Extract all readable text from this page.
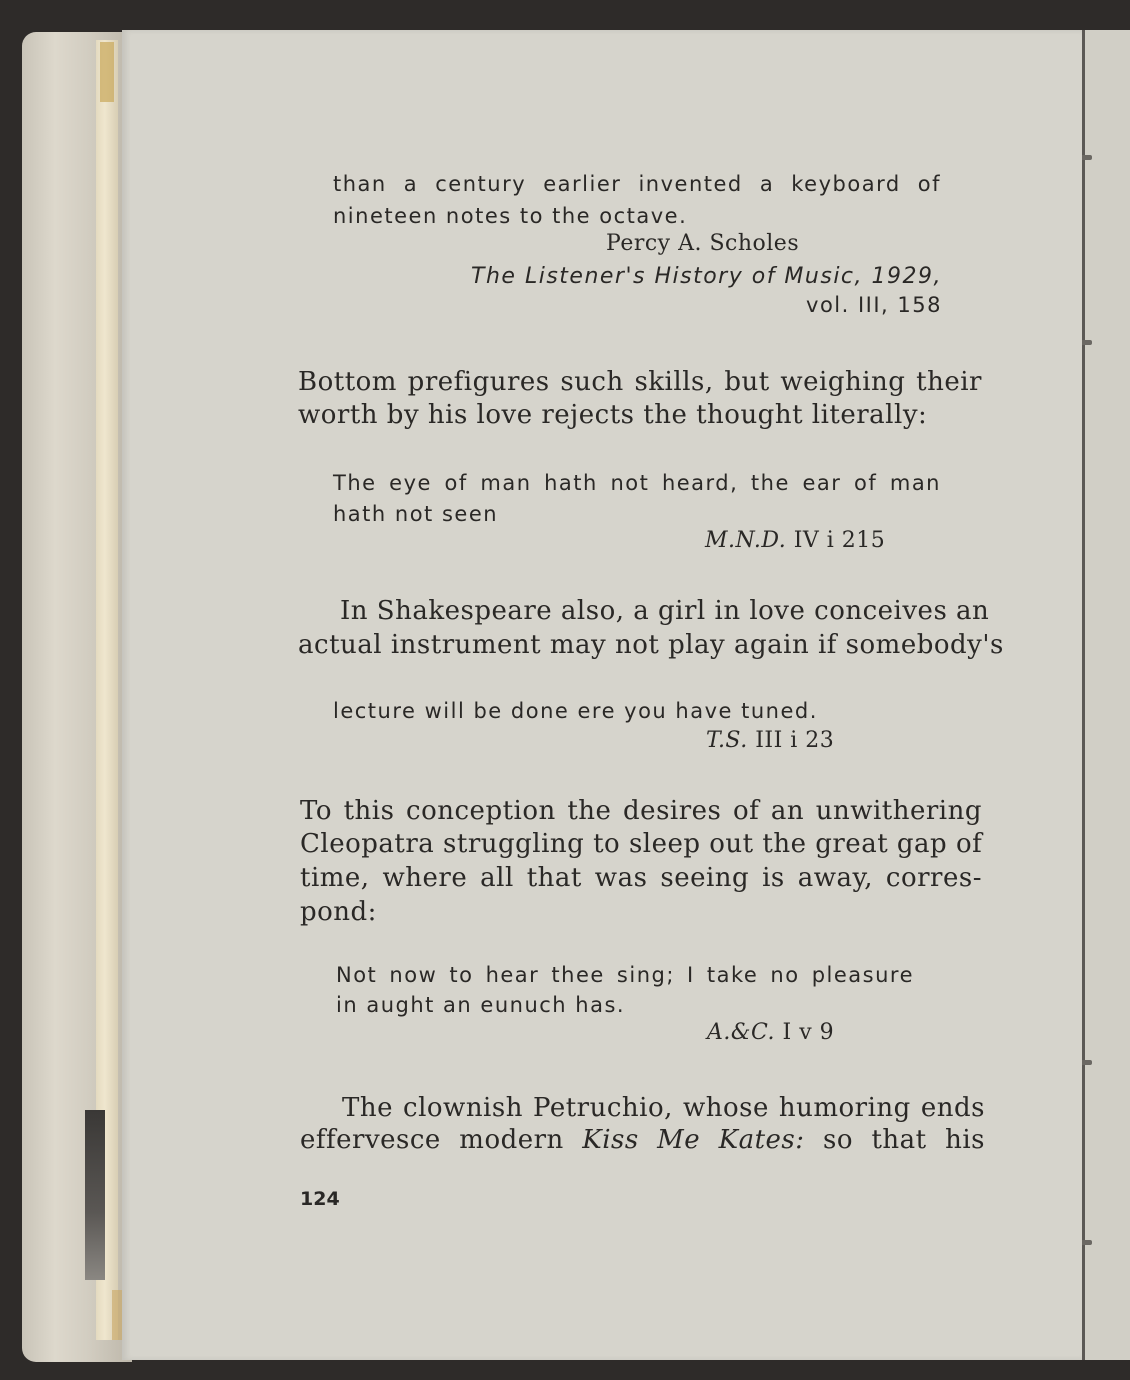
than a century earlier invented a keyboard of

nineteen notes to the octave.

Percy A. Scholes

The Listener's History of Music, 1929,

vol. III, 158

Bottom prefigures such skills, but weighing their

worth by his love rejects the thought literally:

The eye of man hath not heard, the ear of man

hath not seen

M.N.D. IV i 215

In Shakespeare also, a girl in love conceives an

actual instrument may not play again if somebody's

lecture will be done ere you have tuned.

T.S. III i 23

To this conception the desires of an unwithering

Cleopatra struggling to sleep out the great gap of

time, where all that was seeing is away, corres-

pond:

Not now to hear thee sing; I take no pleasure

in aught an eunuch has.

A.&C. I v 9

The clownish Petruchio, whose humoring ends

effervesce modern Kiss Me Kates: so that his

124
